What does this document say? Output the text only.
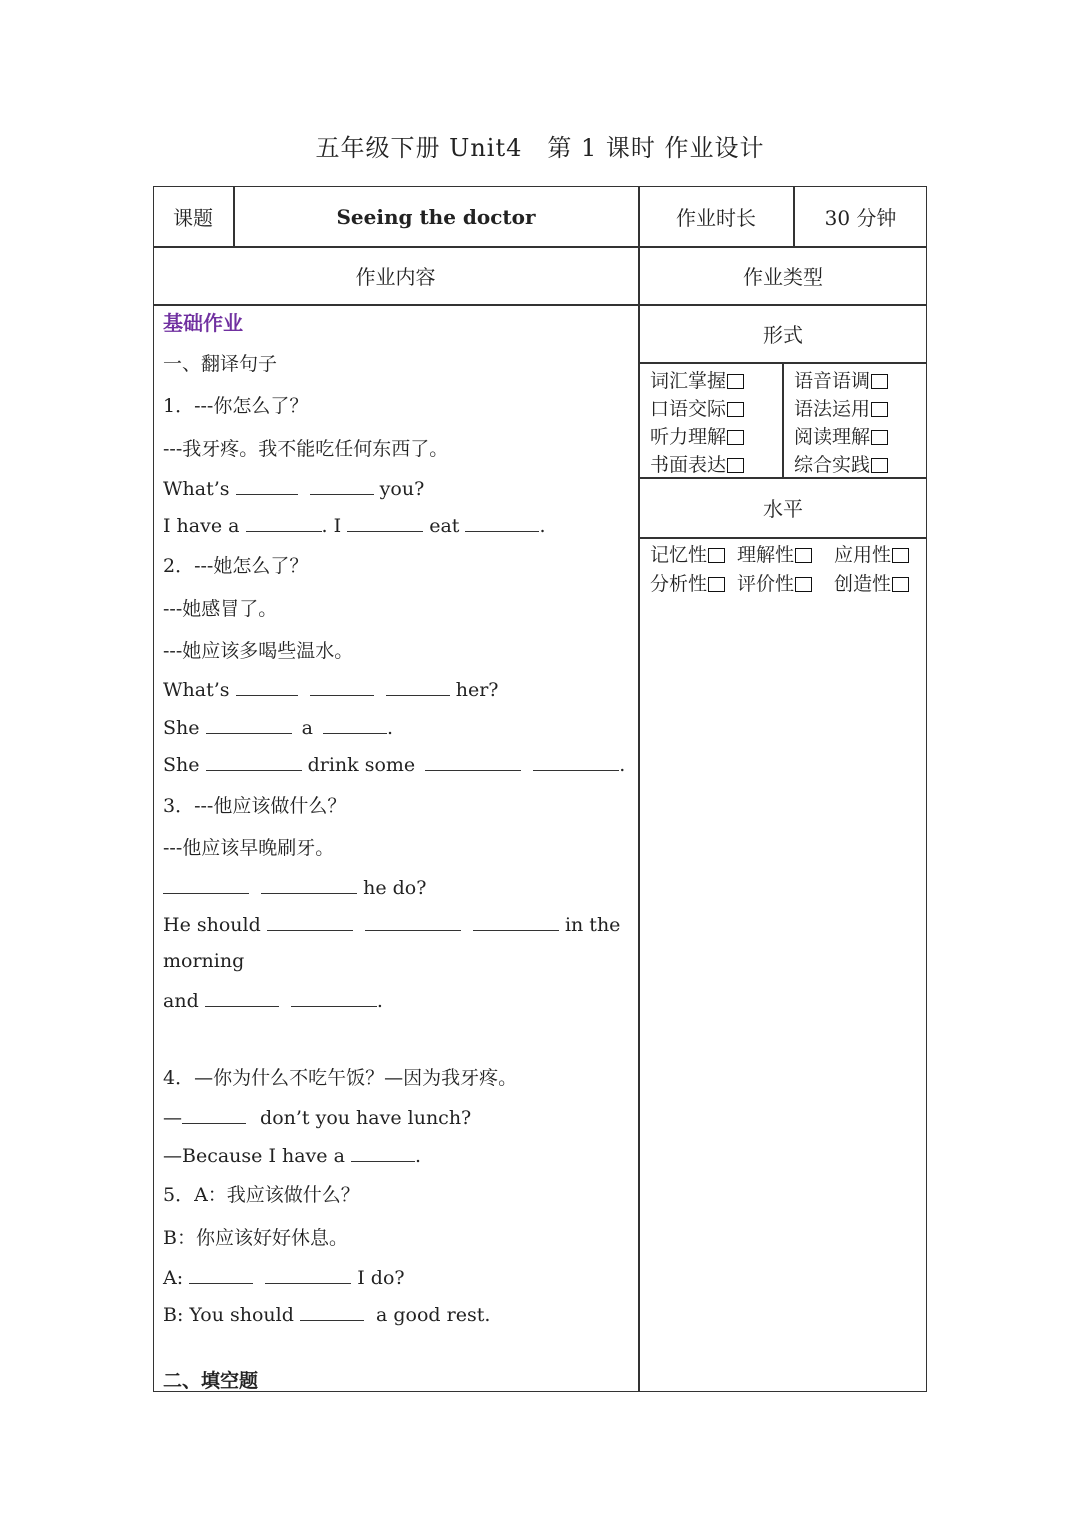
五年级下册 Unit4　第 1 课时 作业设计
课题	Seeing the doctor	作业时长	30 分钟
作业内容	作业类型
形式
词汇掌握	语音语调
口语交际	语法运用
听力理解	阅读理解
书面表达	综合实践
水平
记忆性	理解性	应用性
分析性	评价性	创造性
基础作业
一、翻译句子
1．---你怎么了？
---我牙疼。我不能吃任何东西了。
What’s	you?
I have a	. I	eat	.
2．---她怎么了？
---她感冒了。
---她应该多喝些温水。
What’s	her?
She	a	.
She	drink some	.
3．---他应该做什么？
---他应该早晚刷牙。
he do?
He should	in the
morning
and	.
4．—你为什么不吃午饭？—因为我牙疼。
—	don’t you have lunch?
—Because I have a	.
5．A：我应该做什么？
B：你应该好好休息。
A:	I do?
B: You should	a good rest.
二、填空题
